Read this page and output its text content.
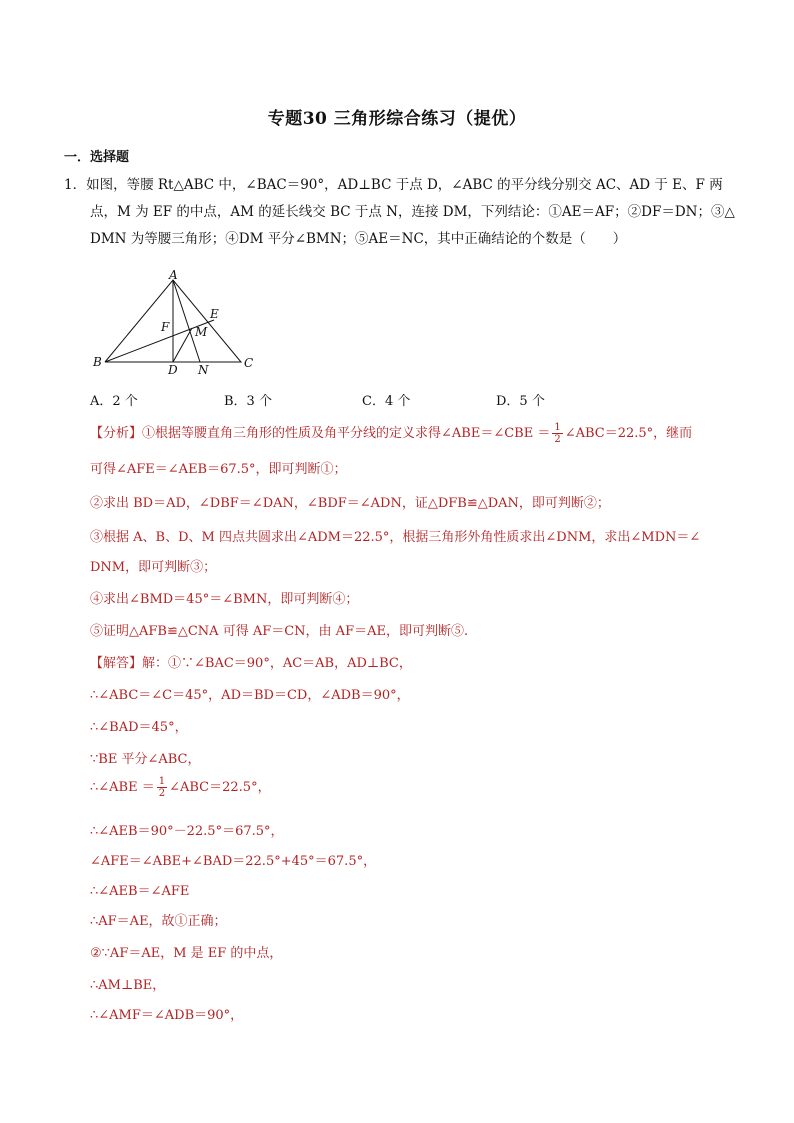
专题30 三角形综合练习（提优）
一．选择题
1．如图，等腰 Rt△ABC 中，∠BAC＝90°，AD⊥BC 于点 D，∠ABC 的平分线分别交 AC、AD 于 E、F 两
点，M 为 EF 的中点，AM 的延长线交 BC 于点 N，连接 DM，下列结论：①AE＝AF；②DF＝DN；③△
DMN 为等腰三角形；④DM 平分∠BMN；⑤AE＝NC，其中正确结论的个数是（　　）
A
B	C
D
E
F M
N
A．2 个	B．3 个	C．4 个	D．5 个
【分析】①根据等腰直角三角形的性质及角平分线的定义求得∠ABE＝∠CBE ＝ $\frac{1}{2}$ ∠ABC＝22.5°，继而
可得∠AFE＝∠AEB＝67.5°，即可判断①；
②求出 BD＝AD，∠DBF＝∠DAN，∠BDF＝∠ADN，证△DFB≌△DAN，即可判断②；
③根据 A、B、D、M 四点共圆求出∠ADM＝22.5°，根据三角形外角性质求出∠DNM，求出∠MDN＝∠
DNM，即可判断③；
④求出∠BMD＝45°＝∠BMN，即可判断④；
⑤证明△AFB≌△CNA 可得 AF＝CN，由 AF＝AE，即可判断⑤.
【解答】解：①∵∠BAC＝90°，AC＝AB，AD⊥BC，
∴∠ABC＝∠C＝45°，AD＝BD＝CD，∠ADB＝90°，
∴∠BAD＝45°，
∵BE 平分∠ABC，
∴∠ABE ＝ $\frac{1}{2}$ ∠ABC＝22.5°，
∴∠AEB＝90°－22.5°＝67.5°，
∠AFE＝∠ABE+∠BAD＝22.5°+45°＝67.5°，
∴∠AEB＝∠AFE
∴AF＝AE，故①正确；
②∵AF＝AE，M 是 EF 的中点，
∴AM⊥BE，
∴∠AMF＝∠ADB＝90°，
